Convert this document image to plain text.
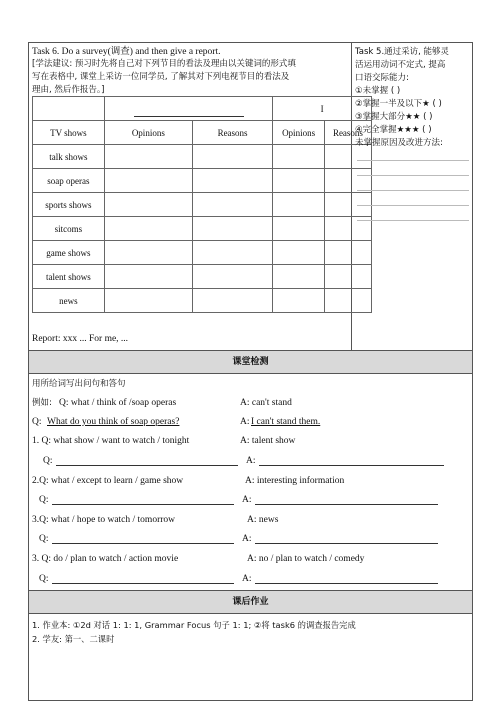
Task 6. Do a survey(调查) and then give a report.
[学法建议: 预习时先将自己对下列节目的看法及理由以关键词的形式填
写在表格中, 课堂上采访一位同学员, 了解其对下列电视节目的看法及
理由, 然后作报告。]

		I	
TV shows	Opinions	Reasons	Opinions	Reasons
talk shows				
soap operas				
sports shows				
sitcoms				
game shows				
talent shows				
news				
Report: xxx ... For me, ...
Task 5.通过采访, 能够灵
活运用动词不定式, 提高
口语交际能力:
①未掌握 ( )
②掌握一半及以下★ ( )
③掌握大部分★★ ( )
④完全掌握★★★ ( )
未掌握原因及改进方法:
课堂检测
用所给词写出问句和答句
例如: Q: what / think of /soap operas	A: can't stand
Q: What do you think of soap operas?	A: I can't stand them.
1. Q: what show / want to watch / tonight	A: talent show
Q:	A:
2.Q: what / except to learn / game show	A: interesting information
Q:	A:
3.Q: what / hope to watch / tomorrow	A: news
Q:	A:
3. Q: do / plan to watch / action movie	A: no / plan to watch / comedy
Q:	A:
课后作业
1. 作业本: ①2d 对话 1: 1: 1, Grammar Focus 句子 1: 1; ②将 task6 的调查报告完成
2. 学友: 第一、二课时
